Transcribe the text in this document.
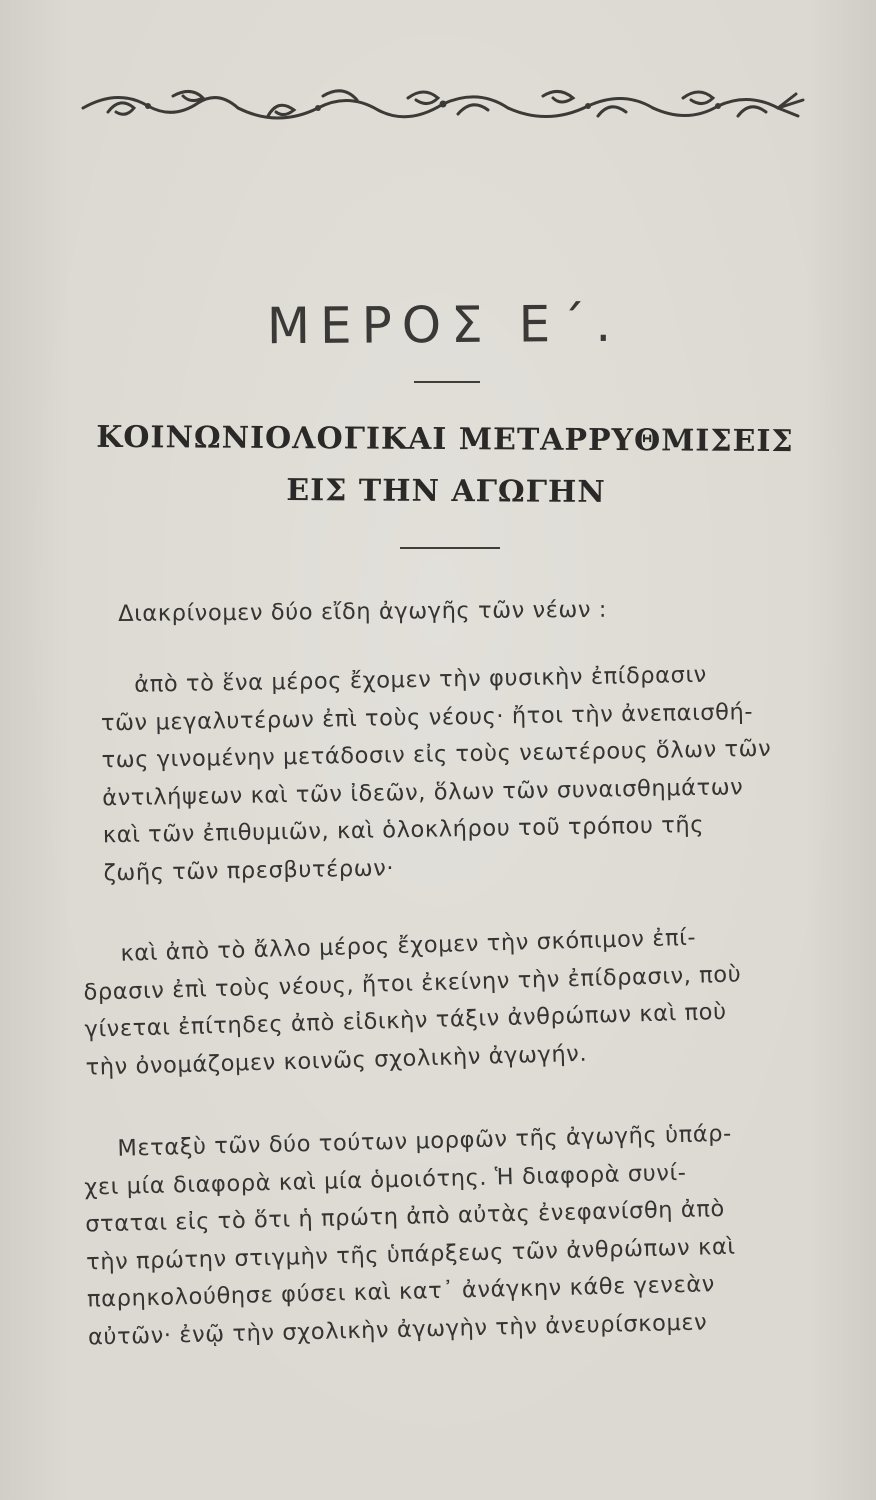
ΜΕΡΟΣ Ε΄.
ΚΟΙΝΩΝΙΟΛΟΓΙΚΑΙ ΜΕΤΑΡΡΥΘΜΙΣΕΙΣ
ΕΙΣ ΤΗΝ ΑΓΩΓΗΝ

Διακρίνομεν δύο εἴδη ἀγωγῆς τῶν νέων :

ἀπὸ τὸ ἕνα μέρος ἔχομεν τὴν φυσικὴν ἐπίδρασιν
τῶν μεγαλυτέρων ἐπὶ τοὺς νέους· ἤτοι τὴν ἀνεπαισθή-
τως γινομένην μετάδοσιν εἰς τοὺς νεωτέρους ὅλων τῶν
ἀντιλήψεων καὶ τῶν ἰδεῶν, ὅλων τῶν συναισθημάτων
καὶ τῶν ἐπιθυμιῶν, καὶ ὁλοκλήρου τοῦ τρόπου τῆς
ζωῆς τῶν πρεσβυτέρων·

καὶ ἀπὸ τὸ ἄλλο μέρος ἔχομεν τὴν σκόπιμον ἐπί-
δρασιν ἐπὶ τοὺς νέους, ἤτοι ἐκείνην τὴν ἐπίδρασιν, ποὺ
γίνεται ἐπίτηδες ἀπὸ εἰδικὴν τάξιν ἀνθρώπων καὶ ποὺ
τὴν ὀνομάζομεν κοινῶς σχολικὴν ἀγωγήν.

Μεταξὺ τῶν δύο τούτων μορφῶν τῆς ἀγωγῆς ὑπάρ-
χει μία διαφορὰ καὶ μία ὁμοιότης. Ἡ διαφορὰ συνί-
σταται εἰς τὸ ὅτι ἡ πρώτη ἀπὸ αὐτὰς ἐνεφανίσθη ἀπὸ
τὴν πρώτην στιγμὴν τῆς ὑπάρξεως τῶν ἀνθρώπων καὶ
παρηκολούθησε φύσει καὶ κατ᾽ ἀνάγκην κάθε γενεὰν
αὐτῶν· ἐνῷ τὴν σχολικὴν ἀγωγὴν τὴν ἀνευρίσκομεν
